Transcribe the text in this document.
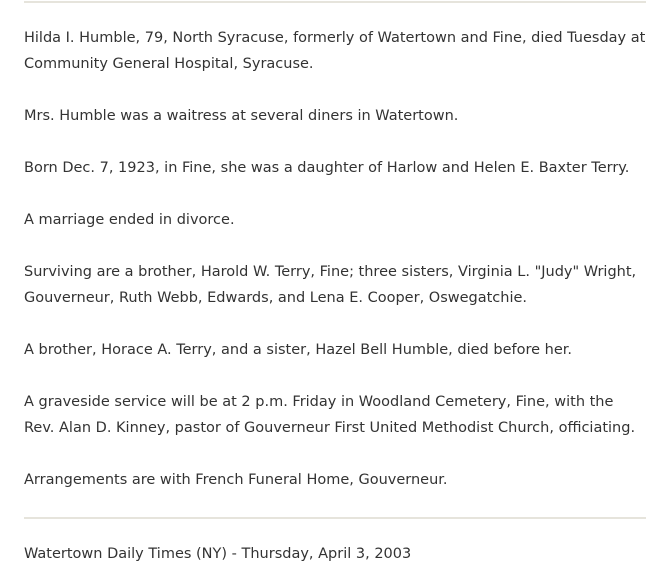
Hilda I. Humble, 79, North Syracuse, formerly of Watertown and Fine, died Tuesday at Community General Hospital, Syracuse.

Mrs. Humble was a waitress at several diners in Watertown.

Born Dec. 7, 1923, in Fine, she was a daughter of Harlow and Helen E. Baxter Terry.

A marriage ended in divorce.

Surviving are a brother, Harold W. Terry, Fine; three sisters, Virginia L. "Judy" Wright, Gouverneur, Ruth Webb, Edwards, and Lena E. Cooper, Oswegatchie.

A brother, Horace A. Terry, and a sister, Hazel Bell Humble, died before her.

A graveside service will be at 2 p.m. Friday in Woodland Cemetery, Fine, with the Rev. Alan D. Kinney, pastor of Gouverneur First United Methodist Church, officiating.

Arrangements are with French Funeral Home, Gouverneur.

Watertown Daily Times (NY) - Thursday, April 3, 2003
